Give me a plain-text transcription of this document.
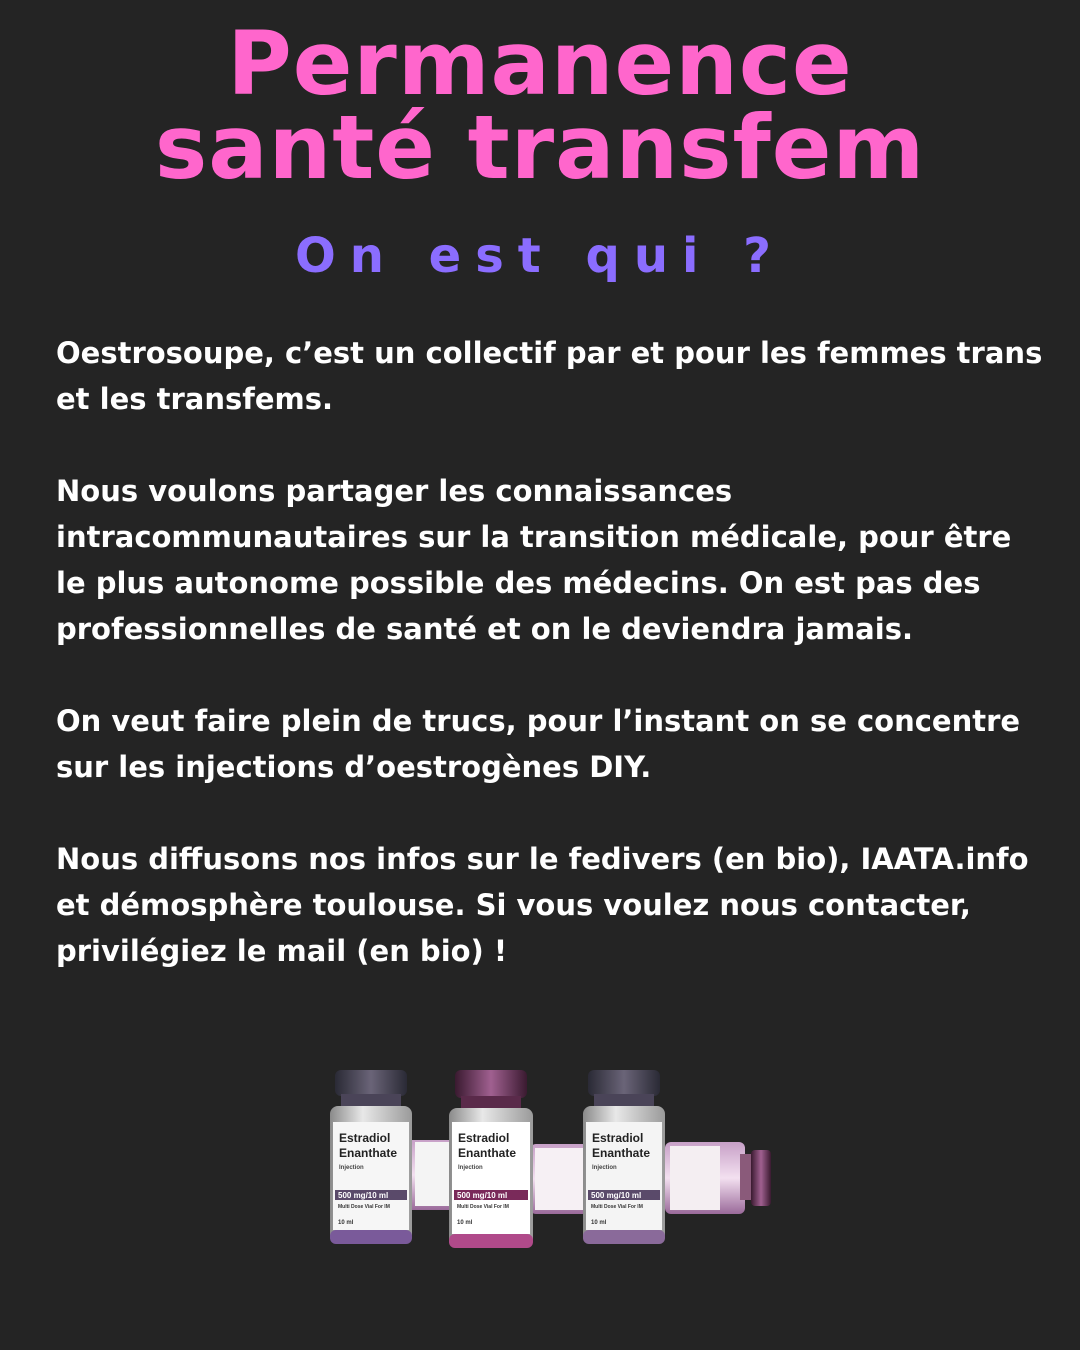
Permanence
santé transfem
On est qui ?

Oestrosoupe, c’est un collectif par et pour les femmes trans et les transfems.

Nous voulons partager les connaissances intracommunautaires sur la transition médicale, pour être le plus autonome possible des médecins. On est pas des professionnelles de santé et on le deviendra jamais.

On veut faire plein de trucs, pour l’instant on se concentre sur les injections d’oestrogènes DIY.

Nous diffusons nos infos sur le fedivers (en bio), IAATA.info et démosphère toulouse. Si vous voulez nous contacter, privilégiez le mail (en bio) !

Estradiol
Enanthate
Injection
500 mg/10 ml
Multi Dose Vial For IM
10 ml
Estradiol
Enanthate
Injection
500 mg/10 ml
Multi Dose Vial For IM
10 ml
Estradiol
Enanthate
Injection
500 mg/10 ml
Multi Dose Vial For IM
10 ml
